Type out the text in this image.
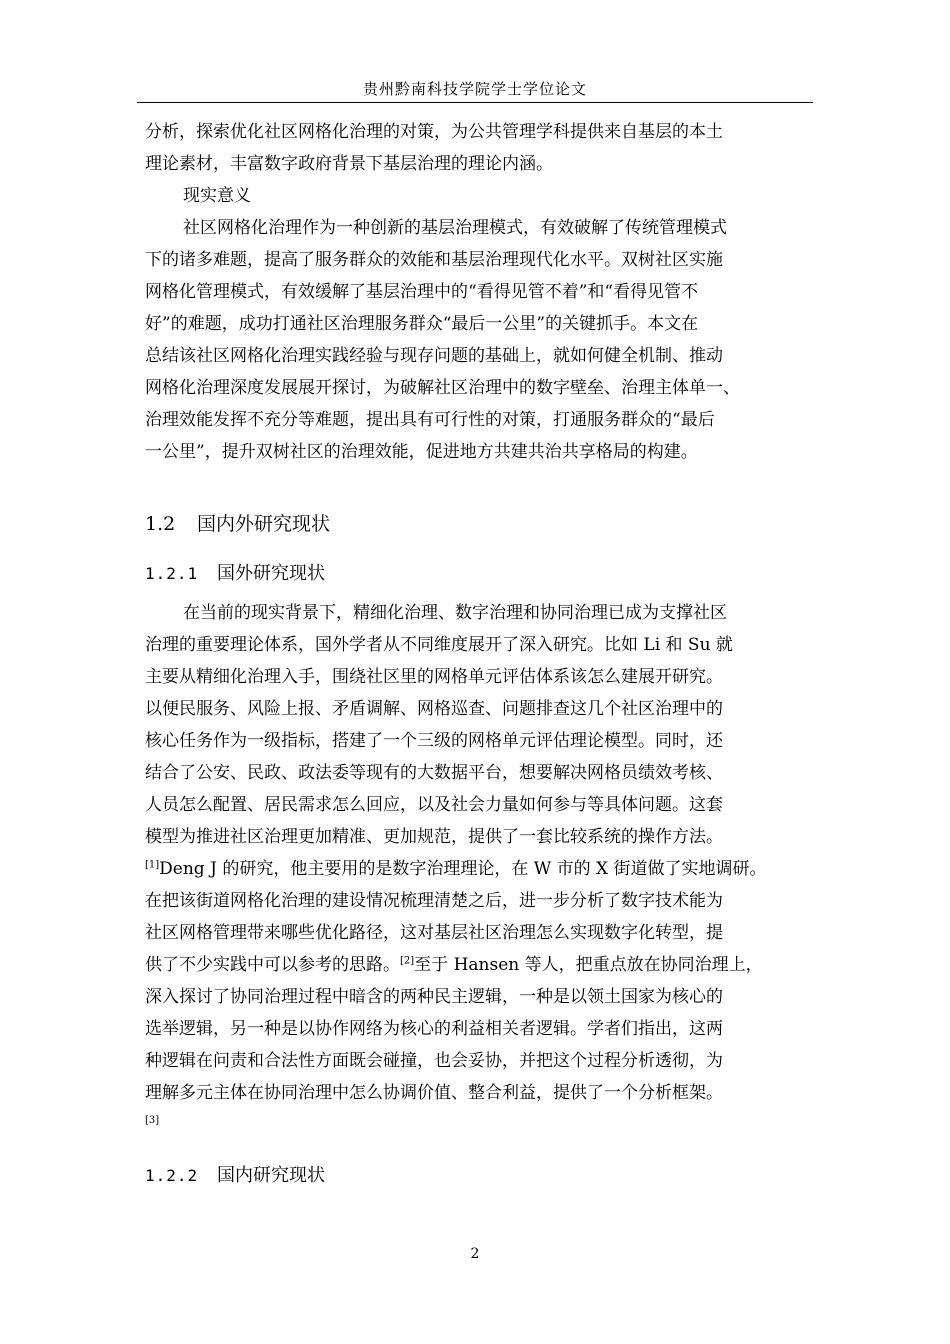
贵州黔南科技学院学士学位论文
分析，探索优化社区网格化治理的对策，为公共管理学科提供来自基层的本土
理论素材，丰富数字政府背景下基层治理的理论内涵。
现实意义
社区网格化治理作为一种创新的基层治理模式，有效破解了传统管理模式
下的诸多难题，提高了服务群众的效能和基层治理现代化水平。双树社区实施
网格化管理模式，有效缓解了基层治理中的“看得见管不着”和“看得见管不
好”的难题，成功打通社区治理服务群众“最后一公里”的关键抓手。本文在
总结该社区网格化治理实践经验与现存问题的基础上，就如何健全机制、推动
网格化治理深度发展展开探讨，为破解社区治理中的数字壁垒、治理主体单一、
治理效能发挥不充分等难题，提出具有可行性的对策，打通服务群众的“最后
一公里”，提升双树社区的治理效能，促进地方共建共治共享格局的构建。
1.2 国内外研究现状
1.2.1 国外研究现状
在当前的现实背景下，精细化治理、数字治理和协同治理已成为支撑社区
治理的重要理论体系，国外学者从不同维度展开了深入研究。比如 Li 和 Su 就
主要从精细化治理入手，围绕社区里的网格单元评估体系该怎么建展开研究。
以便民服务、风险上报、矛盾调解、网格巡查、问题排查这几个社区治理中的
核心任务作为一级指标，搭建了一个三级的网格单元评估理论模型。同时，还
结合了公安、民政、政法委等现有的大数据平台，想要解决网格员绩效考核、
人员怎么配置、居民需求怎么回应，以及社会力量如何参与等具体问题。这套
模型为推进社区治理更加精准、更加规范，提供了一套比较系统的操作方法。
[1]Deng J 的研究，他主要用的是数字治理理论，在 W 市的 X 街道做了实地调研。
在把该街道网格化治理的建设情况梳理清楚之后，进一步分析了数字技术能为
社区网格管理带来哪些优化路径，这对基层社区治理怎么实现数字化转型，提
供了不少实践中可以参考的思路。[2]至于 Hansen 等人，把重点放在协同治理上，
深入探讨了协同治理过程中暗含的两种民主逻辑，一种是以领土国家为核心的
选举逻辑，另一种是以协作网络为核心的利益相关者逻辑。学者们指出，这两
种逻辑在问责和合法性方面既会碰撞，也会妥协，并把这个过程分析透彻，为
理解多元主体在协同治理中怎么协调价值、整合利益，提供了一个分析框架。
[3]
1.2.2 国内研究现状
2
